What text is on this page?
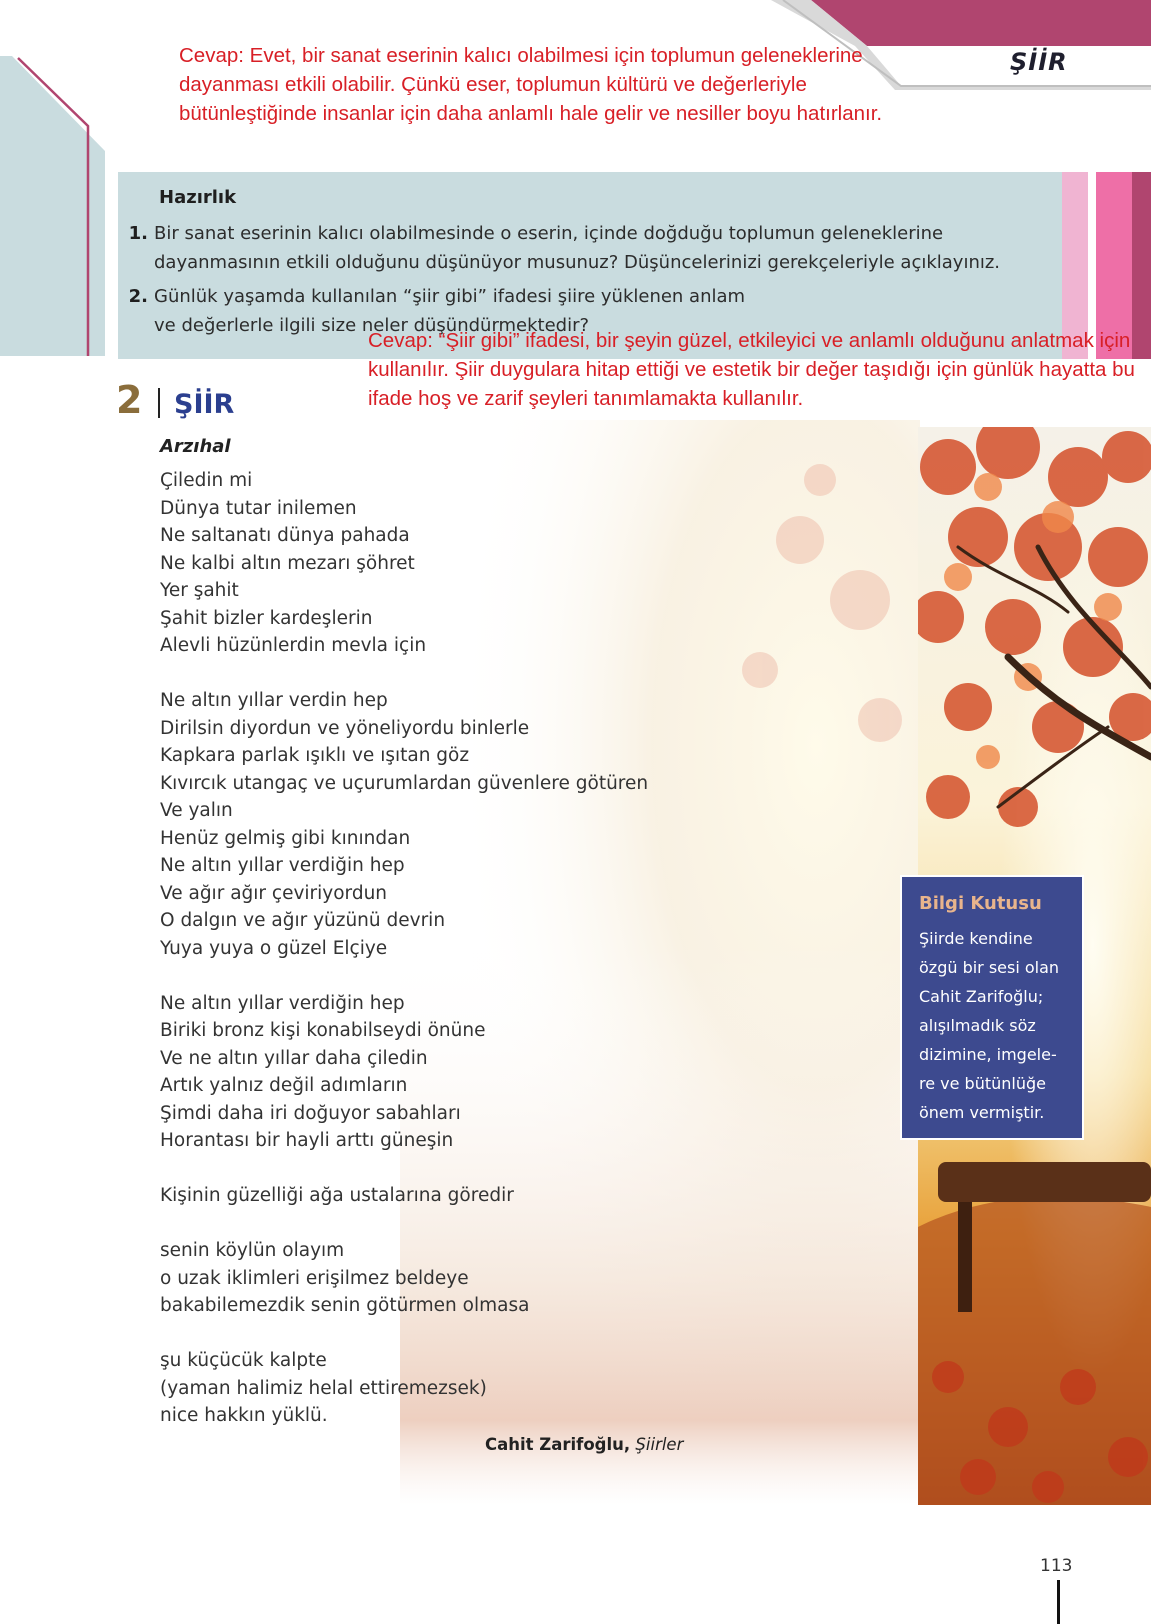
ŞİİR
Cevap: Evet, bir sanat eserinin kalıcı olabilmesi için toplumun geleneklerine dayanması etkili olabilir. Çünkü eser, toplumun kültürü ve değerleriyle bütünleştiğinde insanlar için daha anlamlı hale gelir ve nesiller boyu hatırlanır.
Hazırlık
1. Bir sanat eserinin kalıcı olabilmesinde o eserin, içinde doğduğu toplumun geleneklerine dayanmasının etkili olduğunu düşünüyor musunuz? Düşüncelerinizi gerekçeleriyle açıklayınız.
2. Günlük yaşamda kullanılan “şiir gibi” ifadesi şiire yüklenen anlam ve değerlerle ilgili size neler düşündürmektedir?
Cevap: “Şiir gibi” ifadesi, bir şeyin güzel, etkileyici ve anlamlı olduğunu anlatmak için kullanılır. Şiir duygulara hitap ettiği ve estetik bir değer taşıdığı için günlük hayatta bu ifade hoş ve zarif şeyleri tanımlamakta kullanılır.
2 ŞİİR
Arzıhal
Çiledin mi
Dünya tutar inilemen
Ne saltanatı dünya pahada
Ne kalbi altın mezarı şöhret
Yer şahit
Şahit bizler kardeşlerin
Alevli hüzünlerdin mevla için
Ne altın yıllar verdin hep
Dirilsin diyordun ve yöneliyordu binlerle
Kapkara parlak ışıklı ve ışıtan göz
Kıvırcık utangaç ve uçurumlardan güvenlere götüren
Ve yalın
Henüz gelmiş gibi kınından
Ne altın yıllar verdiğin hep
Ve ağır ağır çeviriyordun
O dalgın ve ağır yüzünü devrin
Yuya yuya o güzel Elçiye
Ne altın yıllar verdiğin hep
Biriki bronz kişi konabilseydi önüne
Ve ne altın yıllar daha çiledin
Artık yalnız değil adımların
Şimdi daha iri doğuyor sabahları
Horantası bir hayli arttı güneşin
Kişinin güzelliği ağa ustalarına göredir
senin köylün olayım
o uzak iklimleri erişilmez beldeye
bakabilemezdik senin götürmen olmasa
şu küçücük kalpte
(yaman halimiz helal ettiremezsek)
nice hakkın yüklü.
Cahit Zarifoğlu, Şiirler
Bilgi Kutusu
Şiirde kendine
özgü bir sesi olan
Cahit Zarifoğlu;
alışılmadık söz
dizimine, imgele-
re ve bütünlüğe
önem vermiştir.
113
